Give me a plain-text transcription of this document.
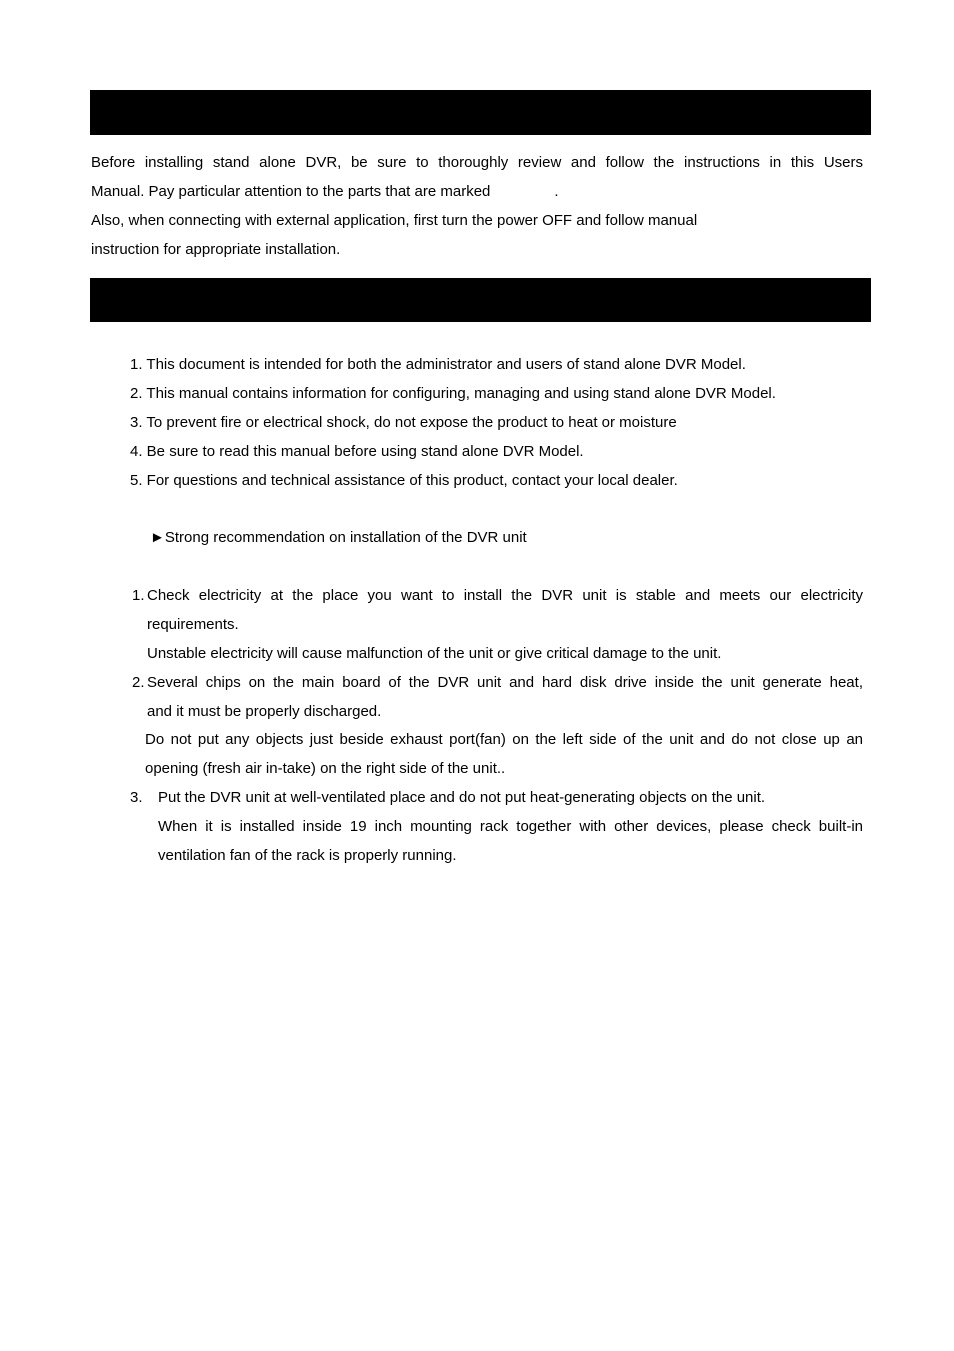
Before installing stand alone DVR, be sure to thoroughly review and follow the instructions in this Users
Manual. Pay particular attention to the parts that are marked	.
Also, when connecting with external application, first turn the power OFF and follow manual
instruction for appropriate installation.
1. This document is intended for both the administrator and users of stand alone DVR Model.
2. This manual contains information for configuring, managing and using stand alone DVR Model.
3. To prevent fire or electrical shock, do not expose the product to heat or moisture
4. Be sure to read this manual before using stand alone DVR Model.
5. For questions and technical assistance of this product, contact your local dealer.
►Strong recommendation on installation of the DVR unit
1. Check electricity at the place you want to install the DVR unit is stable and meets our electricity
requirements.
Unstable electricity will cause malfunction of the unit or give critical damage to the unit.
2. Several chips on the main board of the DVR unit and hard disk drive inside the unit generate heat,
and it must be properly discharged.
Do not put any objects just beside exhaust port(fan) on the left side of the unit and do not close up an
opening (fresh air in-take) on the right side of the unit..
3. Put the DVR unit at well-ventilated place and do not put heat-generating objects on the unit.
When it is installed inside 19 inch mounting rack together with other devices, please check built-in
ventilation fan of the rack is properly running.
